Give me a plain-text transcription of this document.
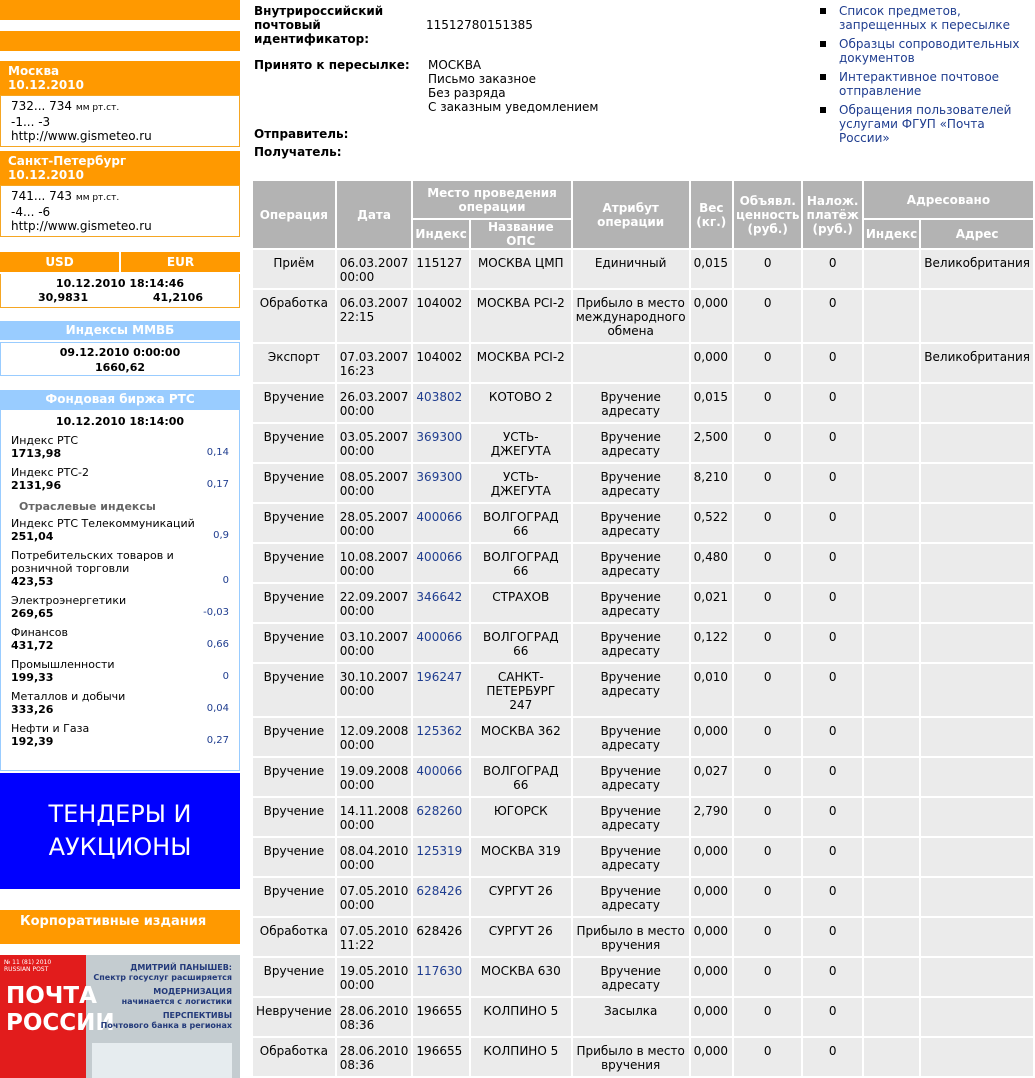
Москва
10.12.2010
732... 734 мм рт.ст.
-1... -3
http://www.gismeteo.ru
Санкт-Петербург
10.12.2010
741... 743 мм рт.ст.
-4... -6
http://www.gismeteo.ru
USD	EUR
10.12.2010 18:14:46
30,9831	41,2106
Индексы ММВБ
09.12.2010 0:00:00
1660,62
Фондовая биржа РТС
10.12.2010 18:14:00
Индекс РТС
1713,98	0,14
Индекс РТС-2
2131,96	0,17
Отраслевые индексы
Индекс РТС Телекоммуникаций
251,04	0,9
Потребительских товаров и розничной торговли
423,53	0
Электроэнергетики
269,65	-0,03
Финансов
431,72	0,66
Промышленности
199,33	0
Металлов и добычи
333,26	0,04
Нефти и Газа
192,39	0,27
ТЕНДЕРЫ И
АУКЦИОНЫ
Корпоративные издания
№ 11 (81) 2010
RUSSIAN POST
ПОЧТА
РОССИИ
ДМИТРИЙ ПАНЫШЕВ:
Спектр госуслуг расширяется
МОДЕРНИЗАЦИЯ
начинается с логистики
ПЕРСПЕКТИВЫ
Почтового банка в регионах
Внутрироссийский
почтовый идентификатор:
11512780151385
Принято к пересылке:	МОСКВА
Письмо заказное
Без разряда
С заказным уведомлением
Отправитель:
Получатель:
Список предметов, запрещенных к пересылке
Образцы сопроводительных документов
Интерактивное почтовое отправление
Обращения пользователей услугами ФГУП «Почта России»
Операция	Дата	Место проведения операции		Атрибут операции	Вес (кг.)	Объявл. ценность (руб.)	Налож. платёж (руб.)	Адресовано	
		Индекс	Название ОПС					Индекс	Адрес
Приём	06.03.2007
00:00	115127	МОСКВА ЦМП	Единичный	0,015	0	0		Великобритания
Обработка	06.03.2007
22:15	104002	МОСКВА PCI-2	Прибыло в место международного обмена	0,000	0	0		
Экспорт	07.03.2007
16:23	104002	МОСКВА PCI-2		0,000	0	0		Великобритания
Вручение	26.03.2007
00:00	403802	КОТОВО 2	Вручение адресату	0,015	0	0		
Вручение	03.05.2007
00:00	369300	УСТЬ-ДЖЕГУТА	Вручение адресату	2,500	0	0		
Вручение	08.05.2007
00:00	369300	УСТЬ-ДЖЕГУТА	Вручение адресату	8,210	0	0		
Вручение	28.05.2007
00:00	400066	ВОЛГОГРАД 66	Вручение адресату	0,522	0	0		
Вручение	10.08.2007
00:00	400066	ВОЛГОГРАД 66	Вручение адресату	0,480	0	0		
Вручение	22.09.2007
00:00	346642	СТРАХОВ	Вручение адресату	0,021	0	0		
Вручение	03.10.2007
00:00	400066	ВОЛГОГРАД 66	Вручение адресату	0,122	0	0		
Вручение	30.10.2007
00:00	196247	САНКТ-ПЕТЕРБУРГ 247	Вручение адресату	0,010	0	0		
Вручение	12.09.2008
00:00	125362	МОСКВА 362	Вручение адресату	0,000	0	0		
Вручение	19.09.2008
00:00	400066	ВОЛГОГРАД 66	Вручение адресату	0,027	0	0		
Вручение	14.11.2008
00:00	628260	ЮГОРСК	Вручение адресату	2,790	0	0		
Вручение	08.04.2010
00:00	125319	МОСКВА 319	Вручение адресату	0,000	0	0		
Вручение	07.05.2010
00:00	628426	СУРГУТ 26	Вручение адресату	0,000	0	0		
Обработка	07.05.2010
11:22	628426	СУРГУТ 26	Прибыло в место вручения	0,000	0	0		
Вручение	19.05.2010
00:00	117630	МОСКВА 630	Вручение адресату	0,000	0	0		
Невручение	28.06.2010
08:36	196655	КОЛПИНО 5	Засылка	0,000	0	0		
Обработка	28.06.2010
08:36	196655	КОЛПИНО 5	Прибыло в место вручения	0,000	0	0		
